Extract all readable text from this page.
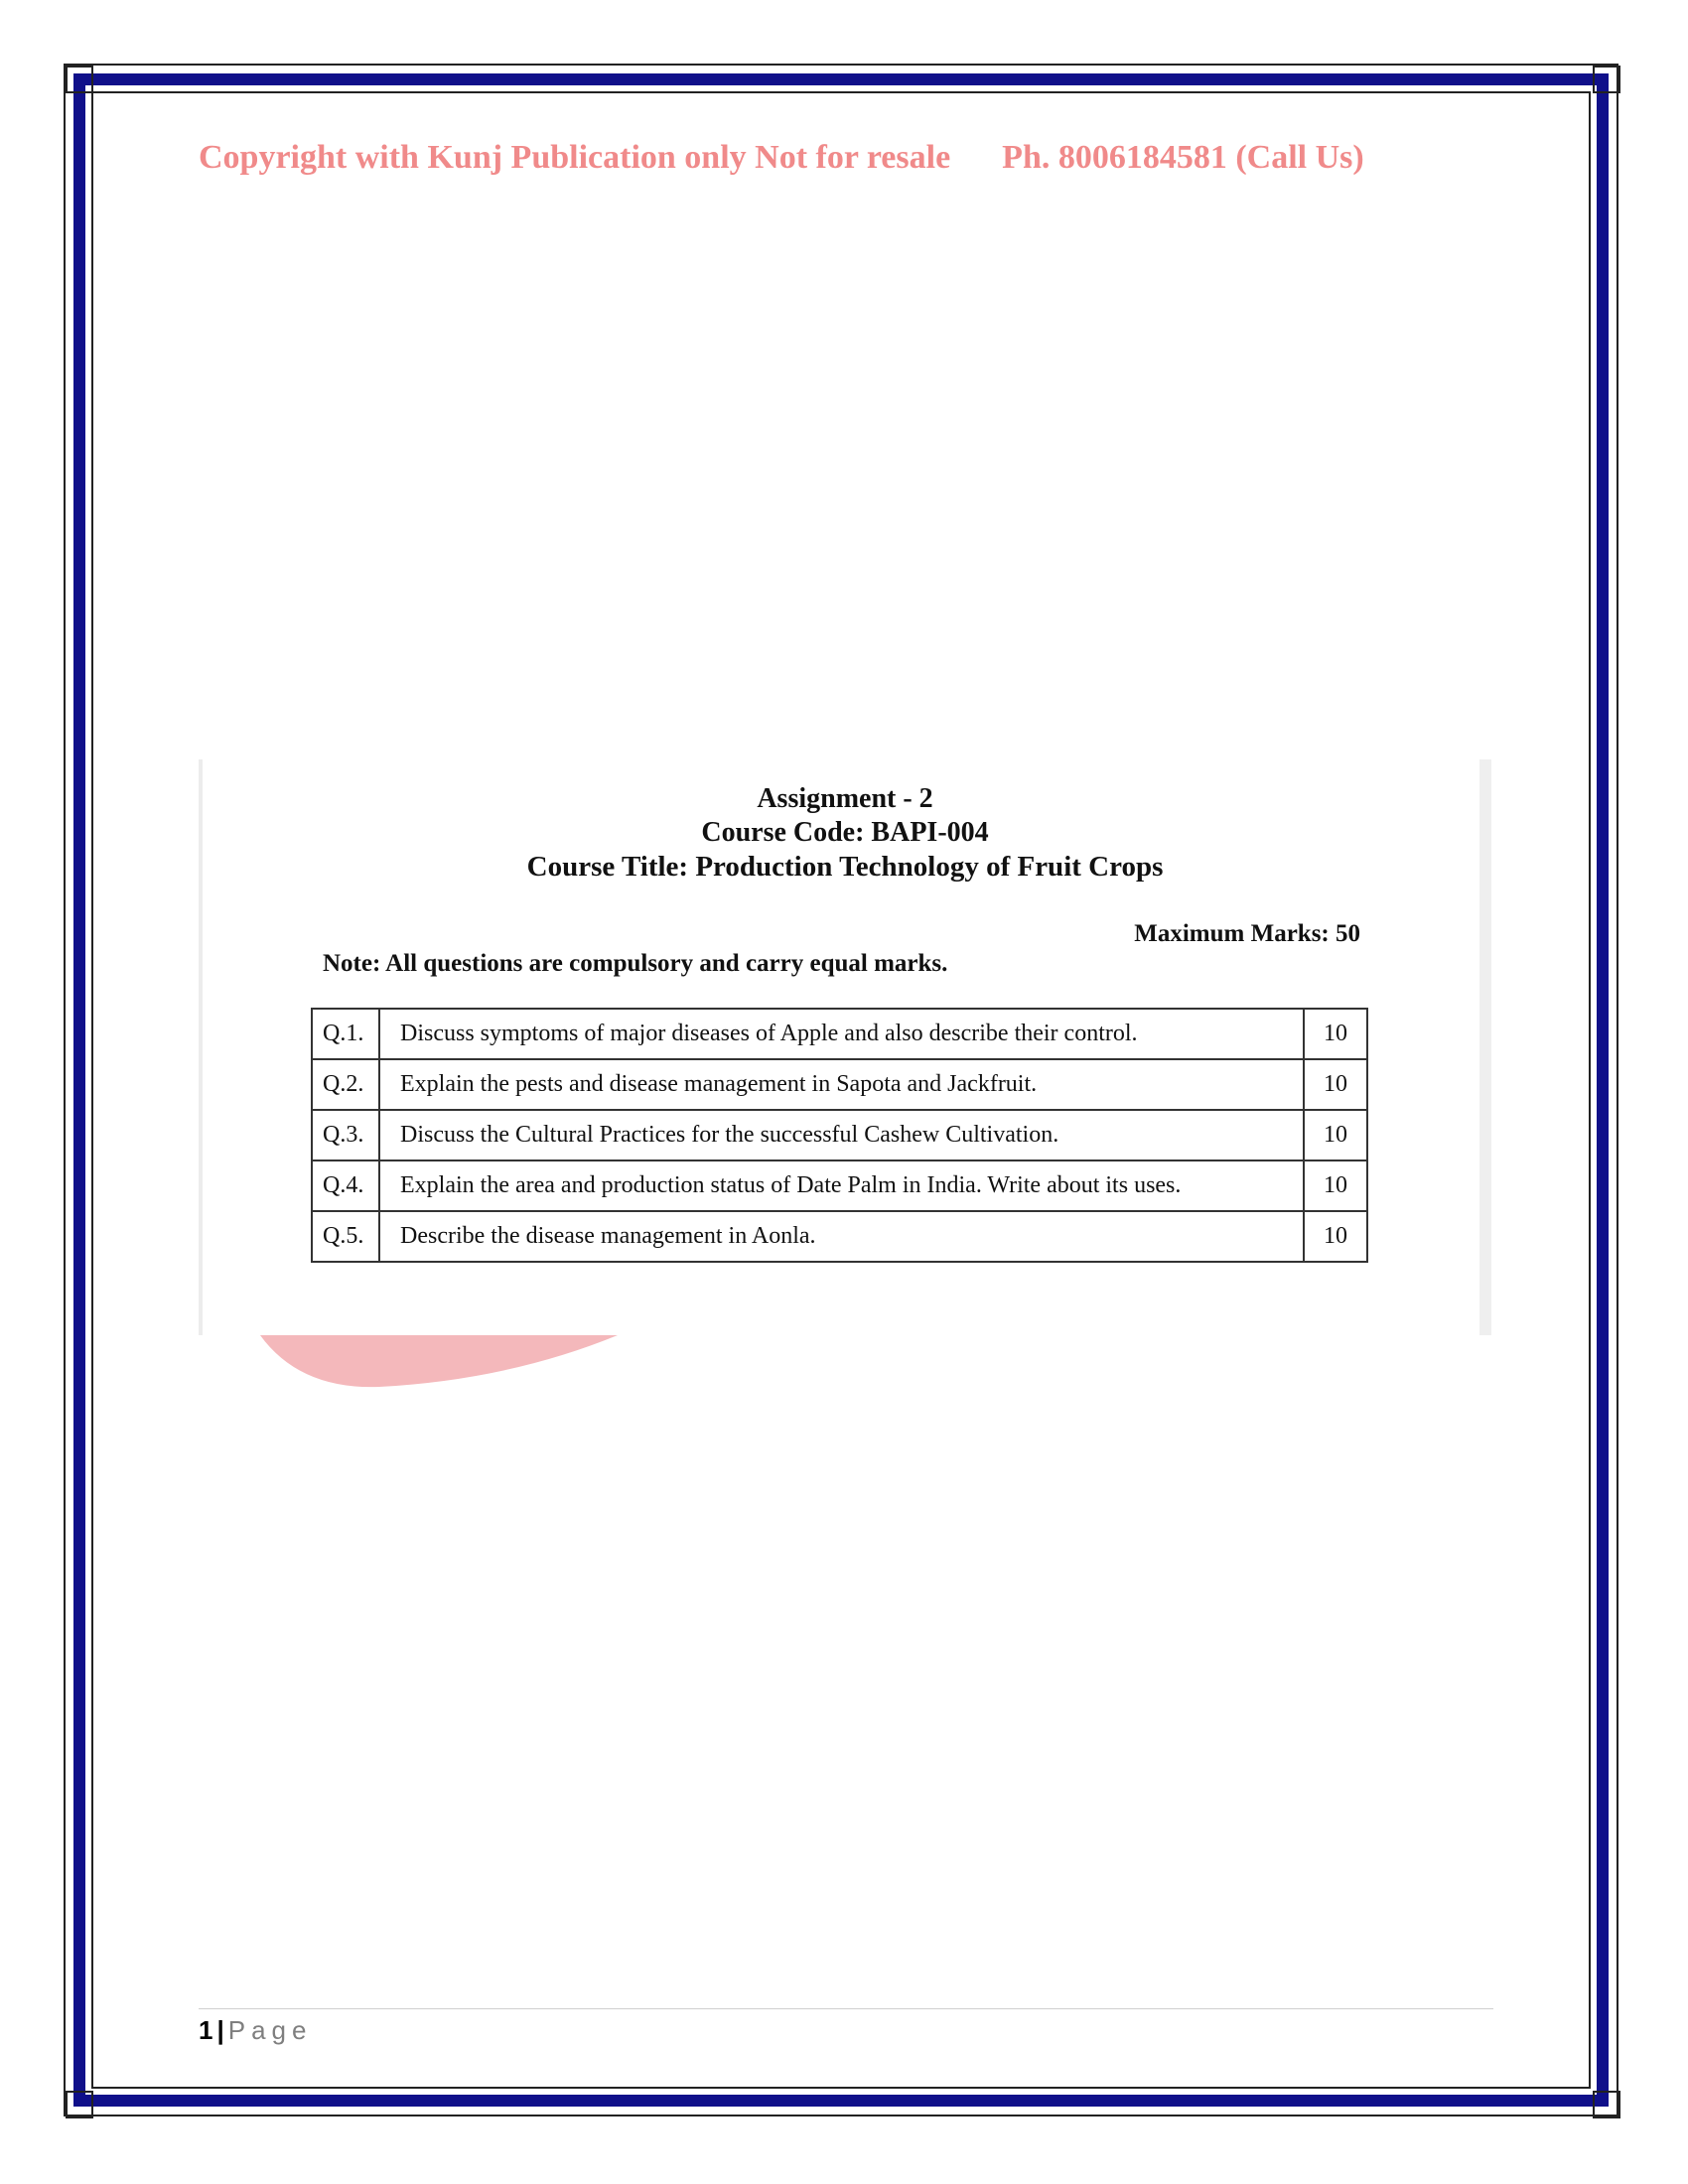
Copyright with Kunj Publication only Not for resale Ph. 8006184581 (Call Us)
Assignment - 2
Course Code: BAPI-004
Course Title: Production Technology of Fruit Crops
Maximum Marks: 50
Note: All questions are compulsory and carry equal marks.
Q.1.	Discuss symptoms of major diseases of Apple and also describe their control.	10
Q.2.	Explain the pests and disease management in Sapota and Jackfruit.	10
Q.3.	Discuss the Cultural Practices for the successful Cashew Cultivation.	10
Q.4.	Explain the area and production status of Date Palm in India. Write about its uses.	10
Q.5.	Describe the disease management in Aonla.	10
1 | Page
